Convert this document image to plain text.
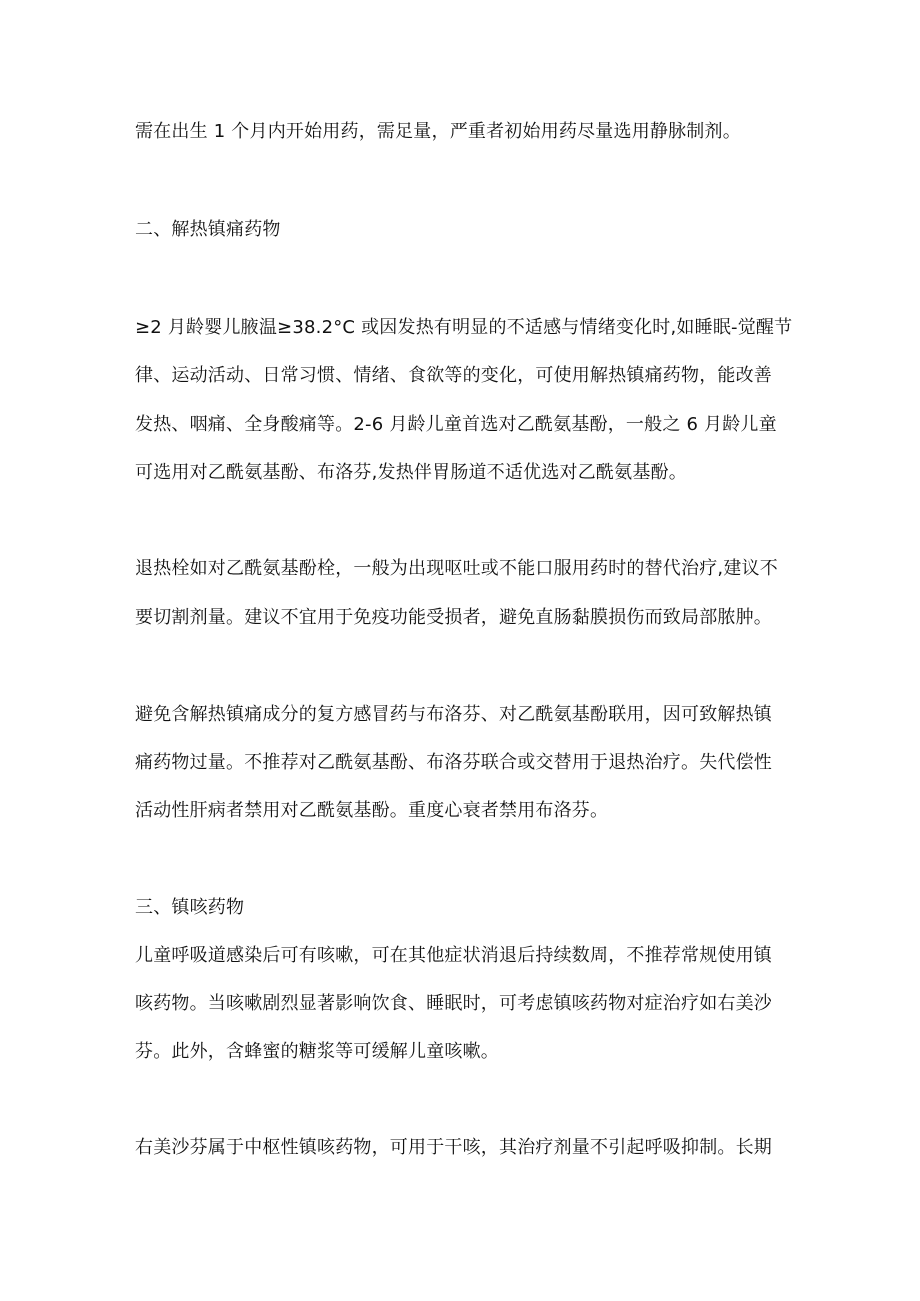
需在出生 1 个月内开始用药，需足量，严重者初始用药尽量选用静脉制剂。
二、解热镇痛药物
≥2 月龄婴儿腋温≥38.2°C 或因发热有明显的不适感与情绪变化时,如睡眠-觉醒节
律、运动活动、日常习惯、情绪、食欲等的变化，可使用解热镇痛药物，能改善
发热、咽痛、全身酸痛等。2-6 月龄儿童首选对乙酰氨基酚，一般之 6 月龄儿童
可选用对乙酰氨基酚、布洛芬,发热伴胃肠道不适优选对乙酰氨基酚。
退热栓如对乙酰氨基酚栓，一般为出现呕吐或不能口服用药时的替代治疗,建议不
要切割剂量。建议不宜用于免疫功能受损者，避免直肠黏膜损伤而致局部脓肿。
避免含解热镇痛成分的复方感冒药与布洛芬、对乙酰氨基酚联用，因可致解热镇
痛药物过量。不推荐对乙酰氨基酚、布洛芬联合或交替用于退热治疗。失代偿性
活动性肝病者禁用对乙酰氨基酚。重度心衰者禁用布洛芬。
三、镇咳药物
儿童呼吸道感染后可有咳嗽，可在其他症状消退后持续数周，不推荐常规使用镇
咳药物。当咳嗽剧烈显著影响饮食、睡眠时，可考虑镇咳药物对症治疗如右美沙
芬。此外，含蜂蜜的糖浆等可缓解儿童咳嗽。
右美沙芬属于中枢性镇咳药物，可用于干咳，其治疗剂量不引起呼吸抑制。长期
